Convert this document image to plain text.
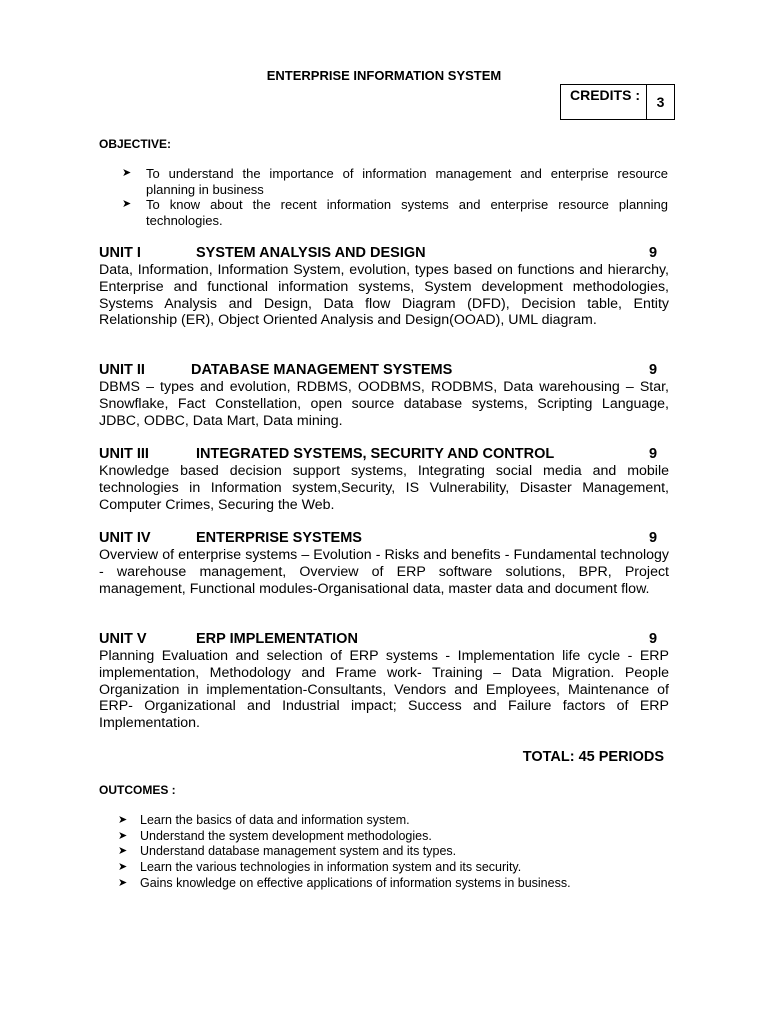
ENTERPRISE INFORMATION SYSTEM
CREDITS :	3
OBJECTIVE:
➤ To understand the importance of information management and enterprise resource planning in business
➤ To know about the recent information systems and enterprise resource planning technologies.
UNIT I	SYSTEM ANALYSIS AND DESIGN	9
Data, Information, Information System, evolution, types based on functions and hierarchy, Enterprise and functional information systems, System development methodologies, Systems Analysis and Design, Data flow Diagram (DFD), Decision table, Entity Relationship (ER), Object Oriented Analysis and Design(OOAD), UML diagram.
UNIT II	DATABASE MANAGEMENT SYSTEMS	9
DBMS – types and evolution, RDBMS, OODBMS, RODBMS, Data warehousing – Star, Snowflake, Fact Constellation, open source database systems, Scripting Language, JDBC, ODBC, Data Mart, Data mining.
UNIT III	INTEGRATED SYSTEMS, SECURITY AND CONTROL	9
Knowledge based decision support systems, Integrating social media and mobile technologies in Information system,Security, IS Vulnerability, Disaster Management, Computer Crimes, Securing the Web.
UNIT IV	ENTERPRISE SYSTEMS	9
Overview of enterprise systems – Evolution - Risks and benefits - Fundamental technology - warehouse management, Overview of ERP software solutions, BPR, Project management, Functional modules-Organisational data, master data and document flow.
UNIT V	ERP IMPLEMENTATION	9
Planning Evaluation and selection of ERP systems - Implementation life cycle - ERP implementation, Methodology and Frame work- Training – Data Migration. People Organization in implementation-Consultants, Vendors and Employees, Maintenance of ERP- Organizational and Industrial impact; Success and Failure factors of ERP Implementation.
TOTAL: 45 PERIODS
OUTCOMES :
➤ Learn the basics of data and information system.
➤ Understand the system development methodologies.
➤ Understand database management system and its types.
➤ Learn the various technologies in information system and its security.
➤ Gains knowledge on effective applications of information systems in business.
